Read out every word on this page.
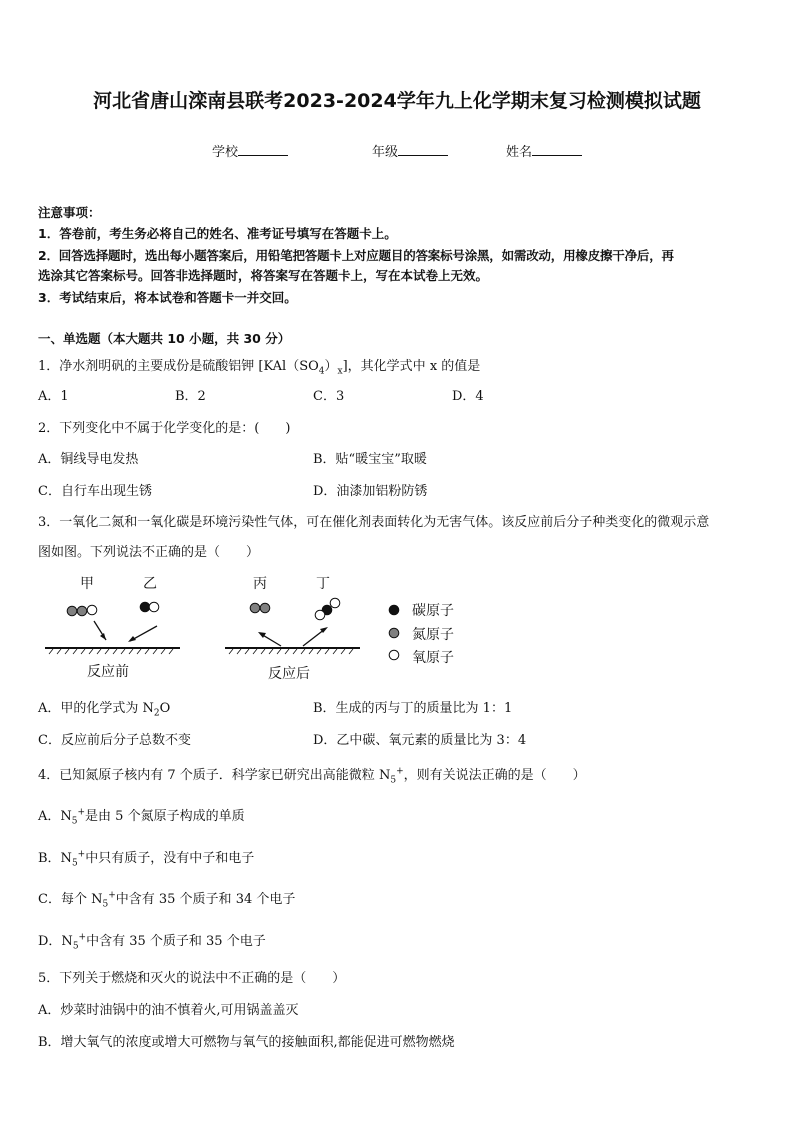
河北省唐山滦南县联考2023-2024学年九上化学期末复习检测模拟试题
学校	年级	姓名
注意事项：
1．答卷前，考生务必将自己的姓名、准考证号填写在答题卡上。
2．回答选择题时，选出每小题答案后，用铅笔把答题卡上对应题目的答案标号涂黑，如需改动，用橡皮擦干净后，再
选涂其它答案标号。回答非选择题时，将答案写在答题卡上，写在本试卷上无效。
3．考试结束后，将本试卷和答题卡一并交回。
一、单选题（本大题共 10 小题，共 30 分）
1．净水剂明矾的主要成份是硫酸铝钾 $[KAl(SO_4)_x]$，其化学式中 x 的值是
A．1	B．2	C．3	D．4
2．下列变化中不属于化学变化的是：(　　)
A．铜线导电发热	B．贴“暖宝宝”取暖
C．自行车出现生锈	D．油漆加铝粉防锈
3．一氧化二氮和一氧化碳是环境污染性气体，可在催化剂表面转化为无害气体。该反应前后分子种类变化的微观示意
图如图。下列说法不正确的是（　　）
甲	乙
反应前
丙	丁
反应后
碳原子
氮原子
氧原子
A．甲的化学式为 $N_2O$	B．生成的丙与丁的质量比为 1：1
C．反应前后分子总数不变	D．乙中碳、氧元素的质量比为 3：4
4．已知氮原子核内有 7 个质子．科学家已研究出高能微粒 $N_5^+$，则有关说法正确的是（　　）
A．$N_5^+$是由 5 个氮原子构成的单质
B．$N_5^+$中只有质子，没有中子和电子
C．每个 $N_5^+$中含有 35 个质子和 34 个电子
D．$N_5^+$中含有 35 个质子和 35 个电子
5．下列关于燃烧和灭火的说法中不正确的是（　　）
A．炒菜时油锅中的油不慎着火,可用锅盖盖灭
B．增大氧气的浓度或增大可燃物与氧气的接触面积,都能促进可燃物燃烧
